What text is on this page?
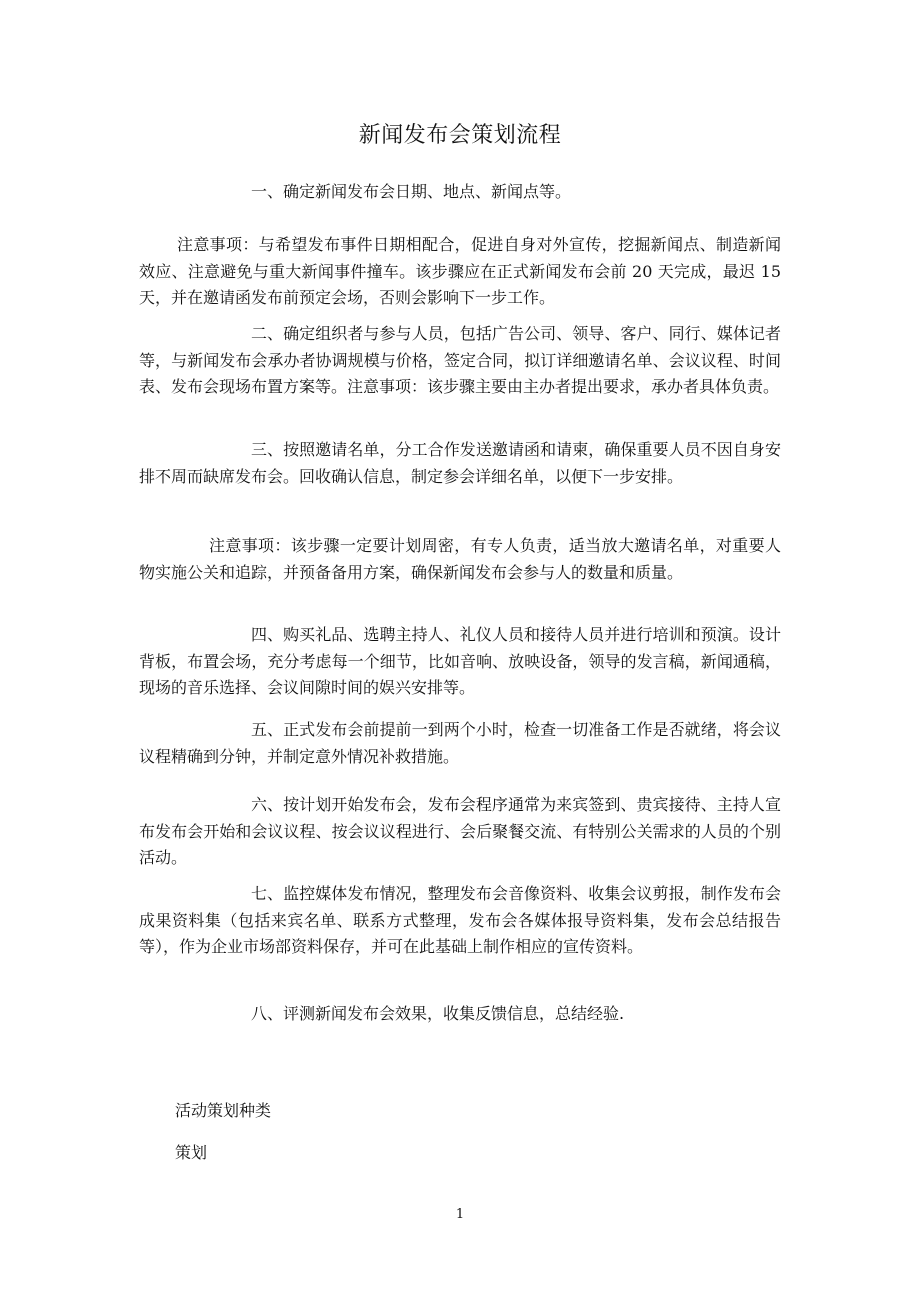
新闻发布会策划流程

一、确定新闻发布会日期、地点、新闻点等。

注意事项：与希望发布事件日期相配合，促进自身对外宣传，挖掘新闻点、制造新闻效应、注意避免与重大新闻事件撞车。该步骤应在正式新闻发布会前 20 天完成，最迟 15 天，并在邀请函发布前预定会场，否则会影响下一步工作。

二、确定组织者与参与人员，包括广告公司、领导、客户、同行、媒体记者等，与新闻发布会承办者协调规模与价格，签定合同，拟订详细邀请名单、会议议程、时间表、发布会现场布置方案等。注意事项：该步骤主要由主办者提出要求，承办者具体负责。

三、按照邀请名单，分工合作发送邀请函和请柬，确保重要人员不因自身安排不周而缺席发布会。回收确认信息，制定参会详细名单，以便下一步安排。

注意事项：该步骤一定要计划周密，有专人负责，适当放大邀请名单，对重要人物实施公关和追踪，并预备备用方案，确保新闻发布会参与人的数量和质量。

四、购买礼品、选聘主持人、礼仪人员和接待人员并进行培训和预演。设计背板，布置会场，充分考虑每一个细节，比如音响、放映设备，领导的发言稿，新闻通稿，现场的音乐选择、会议间隙时间的娱兴安排等。

五、正式发布会前提前一到两个小时，检查一切准备工作是否就绪，将会议议程精确到分钟，并制定意外情况补救措施。

六、按计划开始发布会，发布会程序通常为来宾签到、贵宾接待、主持人宣布发布会开始和会议议程、按会议议程进行、会后聚餐交流、有特别公关需求的人员的个别活动。

七、监控媒体发布情况，整理发布会音像资料、收集会议剪报，制作发布会成果资料集（包括来宾名单、联系方式整理，发布会各媒体报导资料集，发布会总结报告等），作为企业市场部资料保存，并可在此基础上制作相应的宣传资料。

八、评测新闻发布会效果，收集反馈信息，总结经验.

活动策划种类

策划

1
